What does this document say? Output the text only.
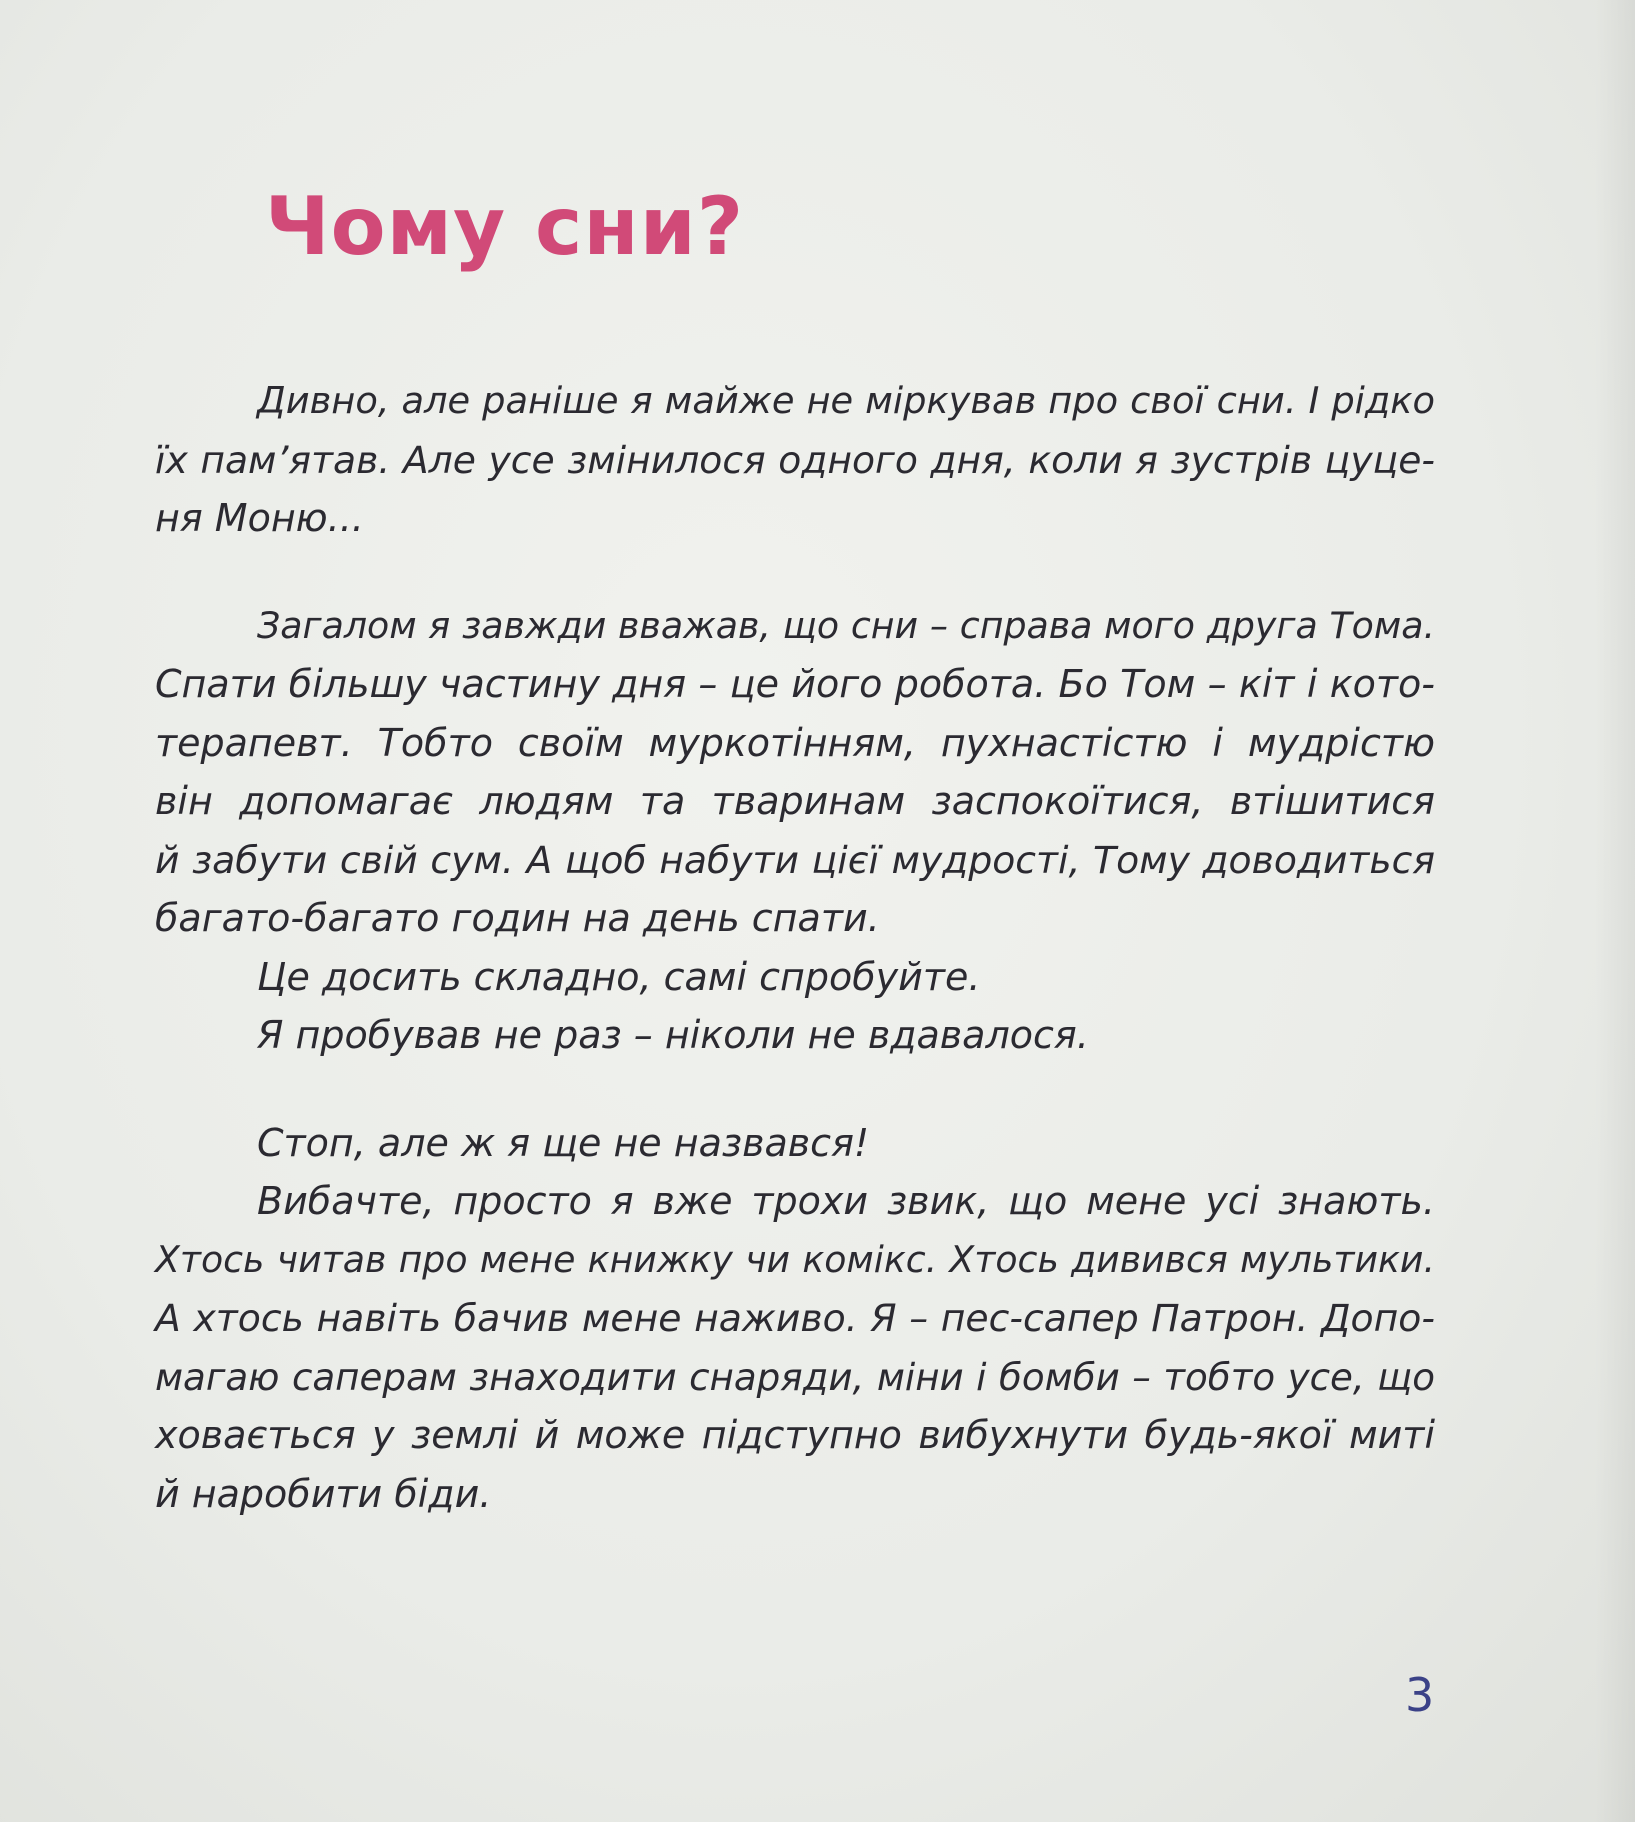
Чому сни?

Дивно, але раніше я майже не міркував про свої сни. І рідко
їх пам’ятав. Але усе змінилося одного дня, коли я зустрів цуце-
ня Моню...

Загалом я завжди вважав, що сни – справа мого друга Тома.
Спати більшу частину дня – це його робота. Бо Том – кіт і кото-
терапевт. Тобто своїм муркотінням, пухнастістю і мудрістю
він допомагає людям та тваринам заспокоїтися, втішитися
й забути свій сум. А щоб набути цієї мудрості, Тому доводиться
багато-багато годин на день спати.

Це досить складно, самі спробуйте.

Я пробував не раз – ніколи не вдавалося.

Стоп, але ж я ще не назвався!

Вибачте, просто я вже трохи звик, що мене усі знають.
Хтось читав про мене книжку чи комікс. Хтось дивився мультики.
А хтось навіть бачив мене наживо. Я – пес-сапер Патрон. Допо-
магаю саперам знаходити снаряди, міни і бомби – тобто усе, що
ховається у землі й може підступно вибухнути будь-якої миті
й наробити біди.

3
